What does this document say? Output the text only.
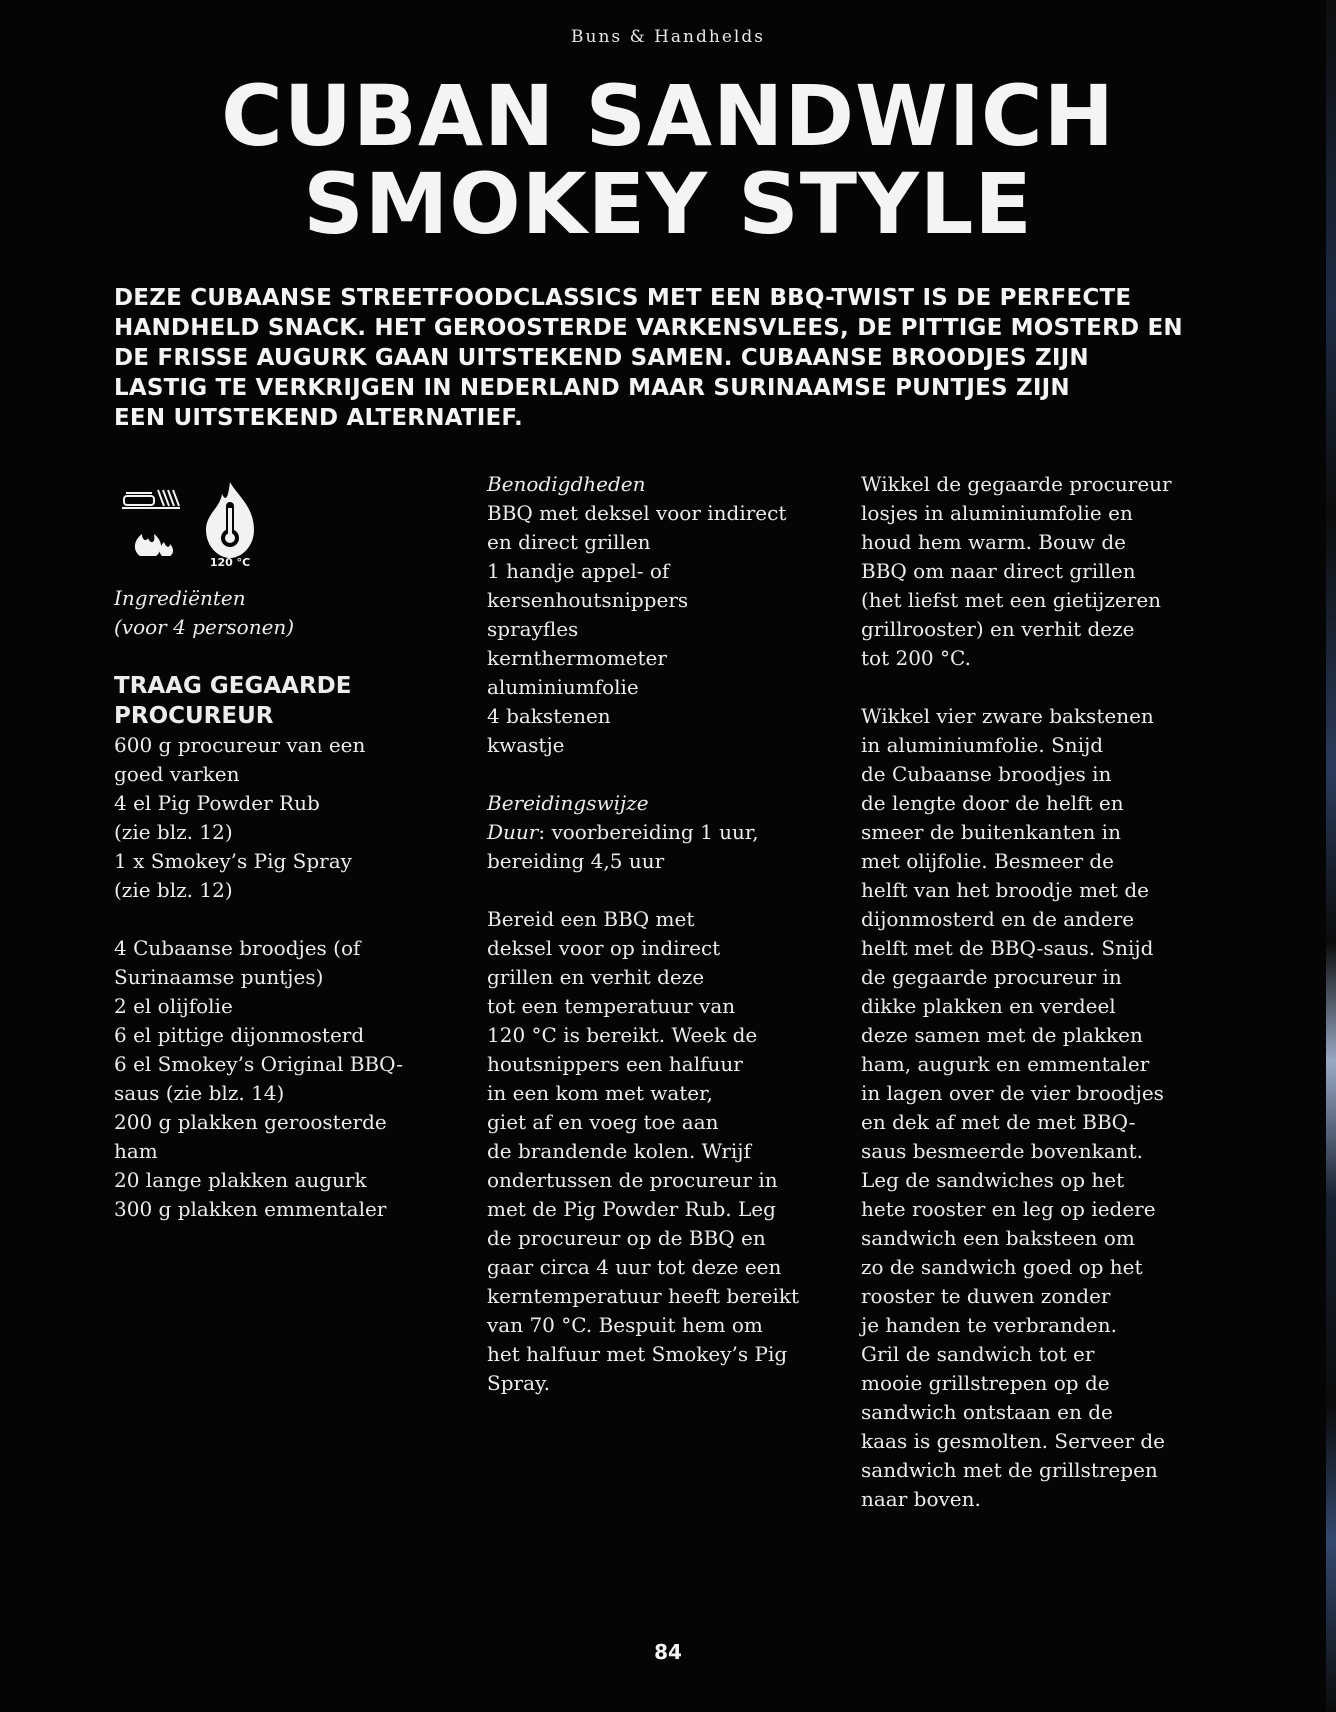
Buns & Handhelds
CUBAN SANDWICH
SMOKEY STYLE
DEZE CUBAANSE STREETFOODCLASSICS MET EEN BBQ-TWIST IS DE PERFECTE
HANDHELD SNACK. HET GEROOSTERDE VARKENSVLEES, DE PITTIGE MOSTERD EN
DE FRISSE AUGURK GAAN UITSTEKEND SAMEN. CUBAANSE BROODJES ZIJN
LASTIG TE VERKRIJGEN IN NEDERLAND MAAR SURINAAMSE PUNTJES ZIJN
EEN UITSTEKEND ALTERNATIEF.
120 °C
Ingrediënten
(voor 4 personen)
TRAAG GEGAARDE
PROCUREUR
600 g procureur van een
goed varken
4 el Pig Powder Rub
(zie blz. 12)
1 x Smokey’s Pig Spray
(zie blz. 12)
4 Cubaanse broodjes (of
Surinaamse puntjes)
2 el olijfolie
6 el pittige dijonmosterd
6 el Smokey’s Original BBQ-
saus (zie blz. 14)
200 g plakken geroosterde
ham
20 lange plakken augurk
300 g plakken emmentaler
Benodigdheden
BBQ met deksel voor indirect
en direct grillen
1 handje appel- of
kersenhoutsnippers
sprayfles
kernthermometer
aluminiumfolie
4 bakstenen
kwastje
Bereidingswijze
Duur: voorbereiding 1 uur,
bereiding 4,5 uur
Bereid een BBQ met
deksel voor op indirect
grillen en verhit deze
tot een temperatuur van
120 °C is bereikt. Week de
houtsnippers een halfuur
in een kom met water,
giet af en voeg toe aan
de brandende kolen. Wrijf
ondertussen de procureur in
met de Pig Powder Rub. Leg
de procureur op de BBQ en
gaar circa 4 uur tot deze een
kerntemperatuur heeft bereikt
van 70 °C. Bespuit hem om
het halfuur met Smokey’s Pig
Spray.
Wikkel de gegaarde procureur
losjes in aluminiumfolie en
houd hem warm. Bouw de
BBQ om naar direct grillen
(het liefst met een gietijzeren
grillrooster) en verhit deze
tot 200 °C.
Wikkel vier zware bakstenen
in aluminiumfolie. Snijd
de Cubaanse broodjes in
de lengte door de helft en
smeer de buitenkanten in
met olijfolie. Besmeer de
helft van het broodje met de
dijonmosterd en de andere
helft met de BBQ-saus. Snijd
de gegaarde procureur in
dikke plakken en verdeel
deze samen met de plakken
ham, augurk en emmentaler
in lagen over de vier broodjes
en dek af met de met BBQ-
saus besmeerde bovenkant.
Leg de sandwiches op het
hete rooster en leg op iedere
sandwich een baksteen om
zo de sandwich goed op het
rooster te duwen zonder
je handen te verbranden.
Gril de sandwich tot er
mooie grillstrepen op de
sandwich ontstaan en de
kaas is gesmolten. Serveer de
sandwich met de grillstrepen
naar boven.
84
